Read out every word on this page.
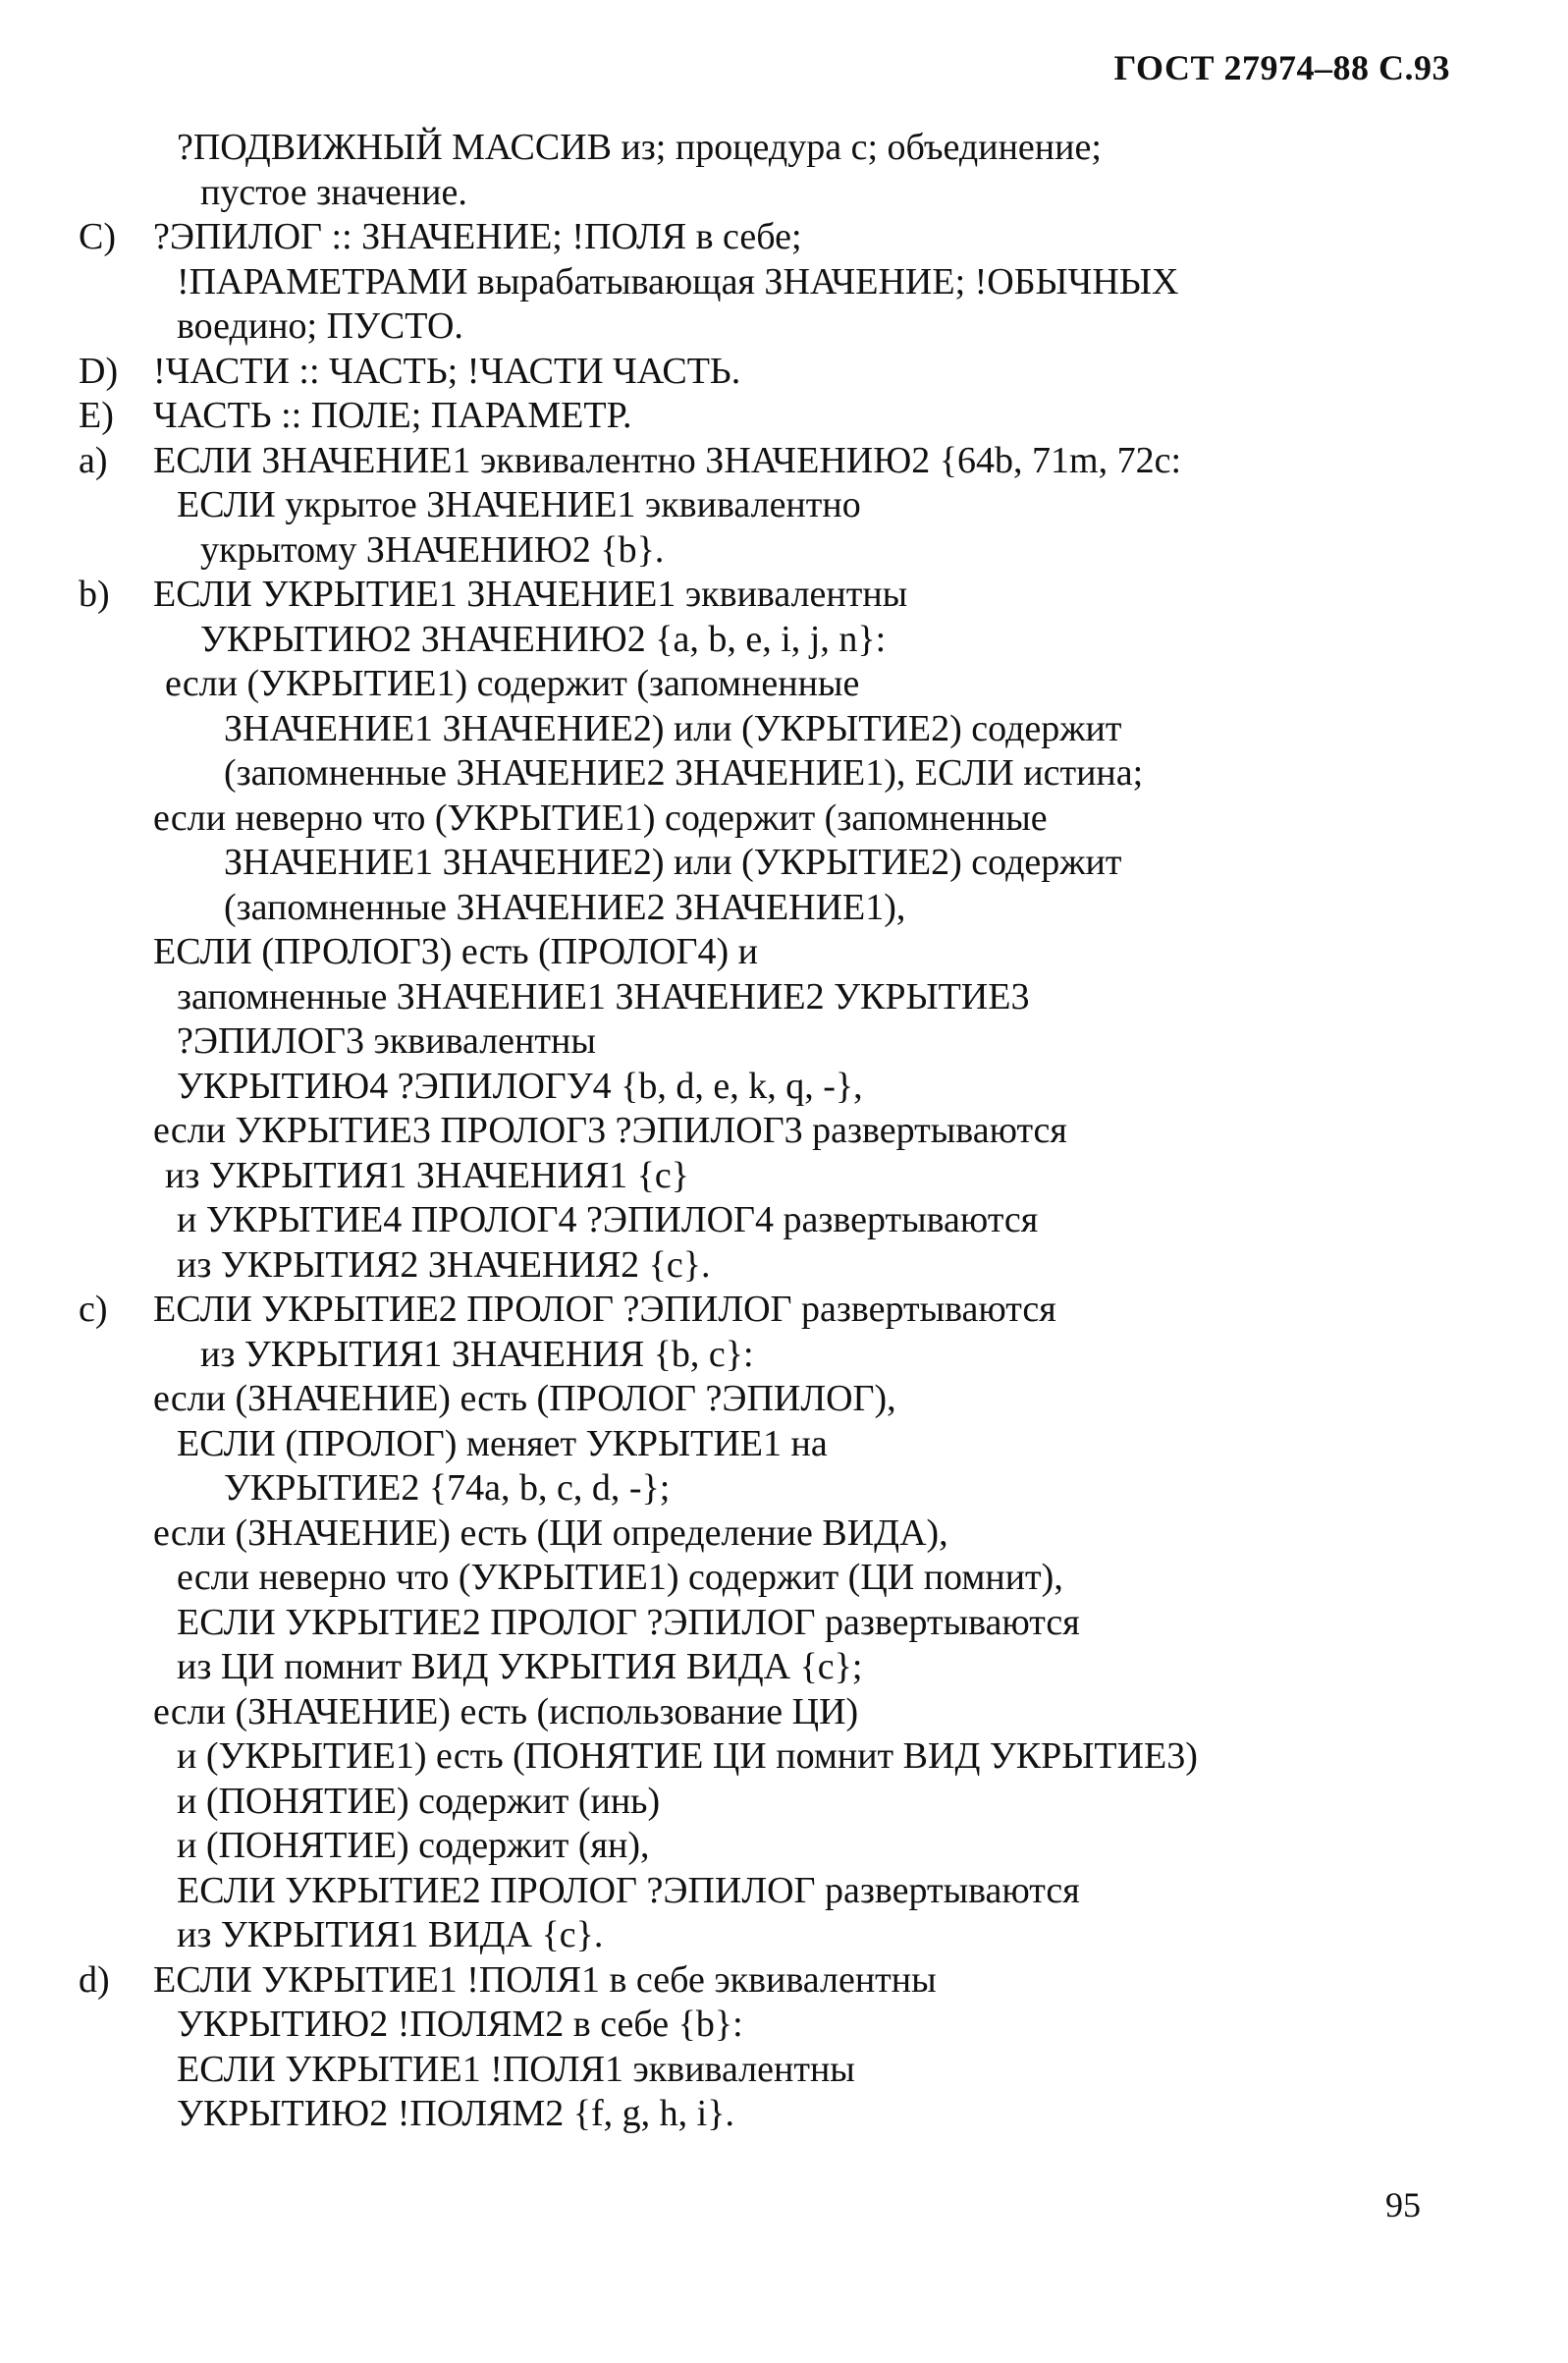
ГОСТ 27974–88 С.93
?ПОДВИЖНЫЙ МАССИВ из; процедура с; объединение;
пустое значение.
С) ?ЭПИЛОГ :: ЗНАЧЕНИЕ; !ПОЛЯ в себе;
!ПАРАМЕТРАМИ вырабатывающая ЗНАЧЕНИЕ; !ОБЫЧНЫХ
воедино; ПУСТО.
D) !ЧАСТИ :: ЧАСТЬ; !ЧАСТИ ЧАСТЬ.
E) ЧАСТЬ :: ПОЛЕ; ПАРАМЕТР.
a) ЕСЛИ ЗНАЧЕНИЕ1 эквивалентно ЗНАЧЕНИЮ2 {64b, 71m, 72c:
ЕСЛИ укрытое ЗНАЧЕНИЕ1 эквивалентно
укрытому ЗНАЧЕНИЮ2 {b}.
b) ЕСЛИ УКРЫТИЕ1 ЗНАЧЕНИЕ1 эквивалентны
УКРЫТИЮ2 ЗНАЧЕНИЮ2 {a, b, e, i, j, n}:
если (УКРЫТИЕ1) содержит (запомненные
ЗНАЧЕНИЕ1 ЗНАЧЕНИЕ2) или (УКРЫТИЕ2) содержит
(запомненные ЗНАЧЕНИЕ2 ЗНАЧЕНИЕ1), ЕСЛИ истина;
если неверно что (УКРЫТИЕ1) содержит (запомненные
ЗНАЧЕНИЕ1 ЗНАЧЕНИЕ2) или (УКРЫТИЕ2) содержит
(запомненные ЗНАЧЕНИЕ2 ЗНАЧЕНИЕ1),
ЕСЛИ (ПРОЛОГ3) есть (ПРОЛОГ4) и
запомненные ЗНАЧЕНИЕ1 ЗНАЧЕНИЕ2 УКРЫТИЕ3
?ЭПИЛОГ3 эквивалентны
УКРЫТИЮ4 ?ЭПИЛОГУ4 {b, d, e, k, q, -},
если УКРЫТИЕ3 ПРОЛОГ3 ?ЭПИЛОГ3 развертываются
из УКРЫТИЯ1 ЗНАЧЕНИЯ1 {c}
и УКРЫТИЕ4 ПРОЛОГ4 ?ЭПИЛОГ4 развертываются
из УКРЫТИЯ2 ЗНАЧЕНИЯ2 {c}.
c) ЕСЛИ УКРЫТИЕ2 ПРОЛОГ ?ЭПИЛОГ развертываются
из УКРЫТИЯ1 ЗНАЧЕНИЯ {b, c}:
если (ЗНАЧЕНИЕ) есть (ПРОЛОГ ?ЭПИЛОГ),
ЕСЛИ (ПРОЛОГ) меняет УКРЫТИЕ1 на
УКРЫТИЕ2 {74a, b, c, d, -};
если (ЗНАЧЕНИЕ) есть (ЦИ определение ВИДА),
если неверно что (УКРЫТИЕ1) содержит (ЦИ помнит),
ЕСЛИ УКРЫТИЕ2 ПРОЛОГ ?ЭПИЛОГ развертываются
из ЦИ помнит ВИД УКРЫТИЯ ВИДА {c};
если (ЗНАЧЕНИЕ) есть (использование ЦИ)
и (УКРЫТИЕ1) есть (ПОНЯТИЕ ЦИ помнит ВИД УКРЫТИЕ3)
и (ПОНЯТИЕ) содержит (инь)
и (ПОНЯТИЕ) содержит (ян),
ЕСЛИ УКРЫТИЕ2 ПРОЛОГ ?ЭПИЛОГ развертываются
из УКРЫТИЯ1 ВИДА {c}.
d) ЕСЛИ УКРЫТИЕ1 !ПОЛЯ1 в себе эквивалентны
УКРЫТИЮ2 !ПОЛЯМ2 в себе {b}:
ЕСЛИ УКРЫТИЕ1 !ПОЛЯ1 эквивалентны
УКРЫТИЮ2 !ПОЛЯМ2 {f, g, h, i}.
95
